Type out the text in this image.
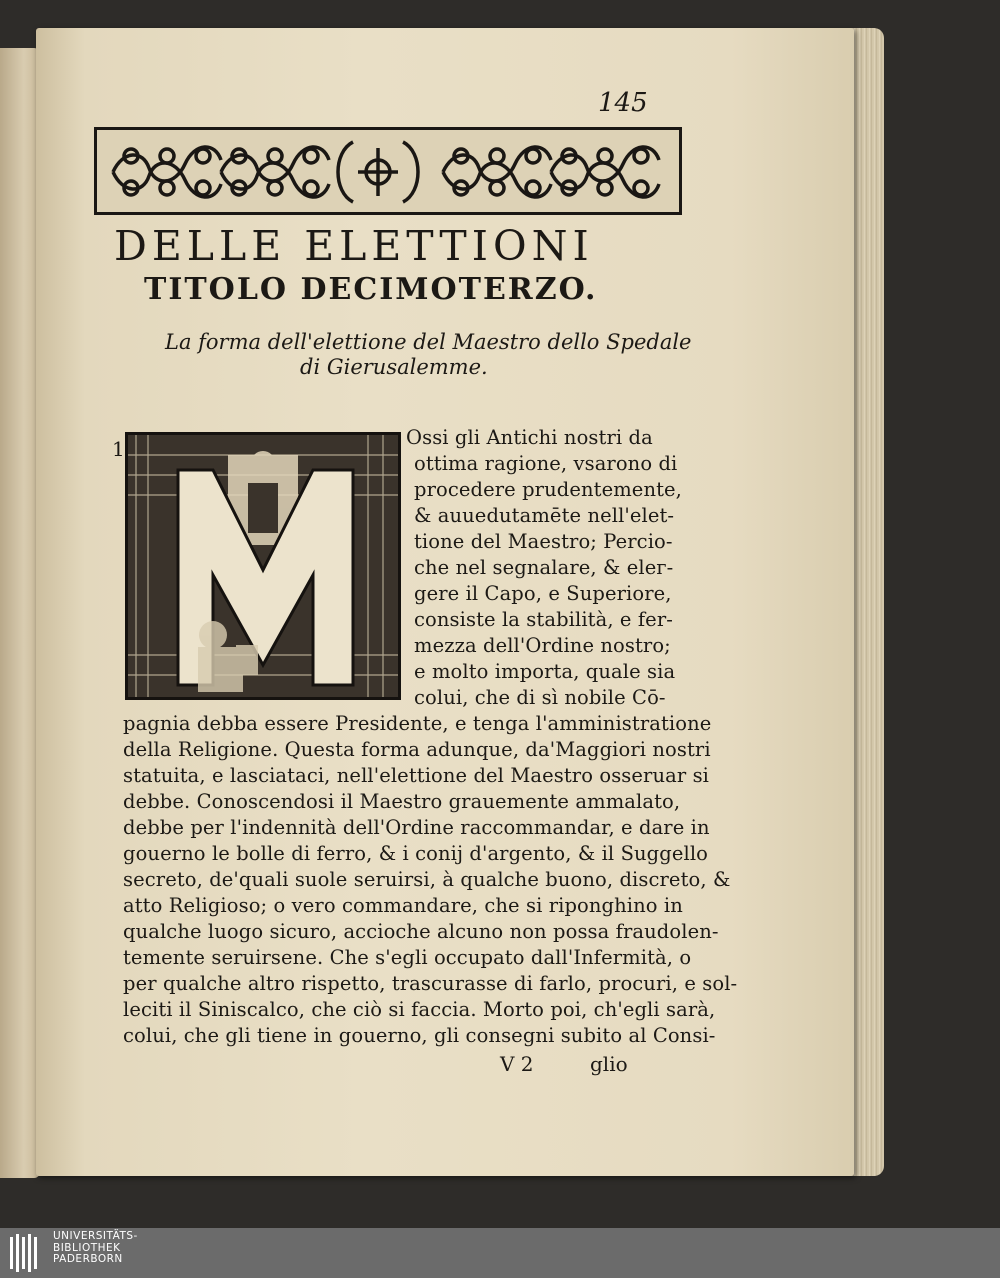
145
DELLE ELETTIONI
TITOLO DECIMOTERZO.
La forma dell'elettione del Maestro dello Spedale
di Gierusalemme.
1	Ossi gli Antichi nostri da
ottima ragione, vsarono di
procedere prudentemente,
& auuedutamēte nell'elet-
tione del Maestro; Percio-
che nel segnalare, & elег-
gere il Capo, e Superiore,
consiste la stabilità, e fer-
mezza dell'Ordine nostro;
e molto importa, quale sia
colui, che di sì nobile Cō-
pagnia debba essere Presidente, e tenga l'amministratione
della Religione. Questa forma adunque, da'Maggiori nostri
statuita, e lasciataci, nell'elettione del Maestro osseruar si
debbe. Conoscendosi il Maestro grauemente ammalato,
debbe per l'indennità dell'Ordine raccommandar, e dare in
gouerno le bolle di ferro, & i conij d'argento, & il Suggello
secreto, de'quali suole seruirsi, à qualche buono, discreto, &
atto Religioso; o vero commandare, che si riponghino in
qualche luogo sicuro, accioche alcuno non possa fraudolen-
temente seruirsene. Che s'egli occupato dall'Infermità, o
per qualche altro rispetto, trascurasse di farlo, procuri, e sol-
leciti il Siniscalco, che ciò si faccia. Morto poi, ch'egli sarà,
colui, che gli tiene in gouerno, gli consegni subito al Consi-
V 2	glio
UNIVERSITÄTS-
BIBLIOTHEK
PADERBORN
